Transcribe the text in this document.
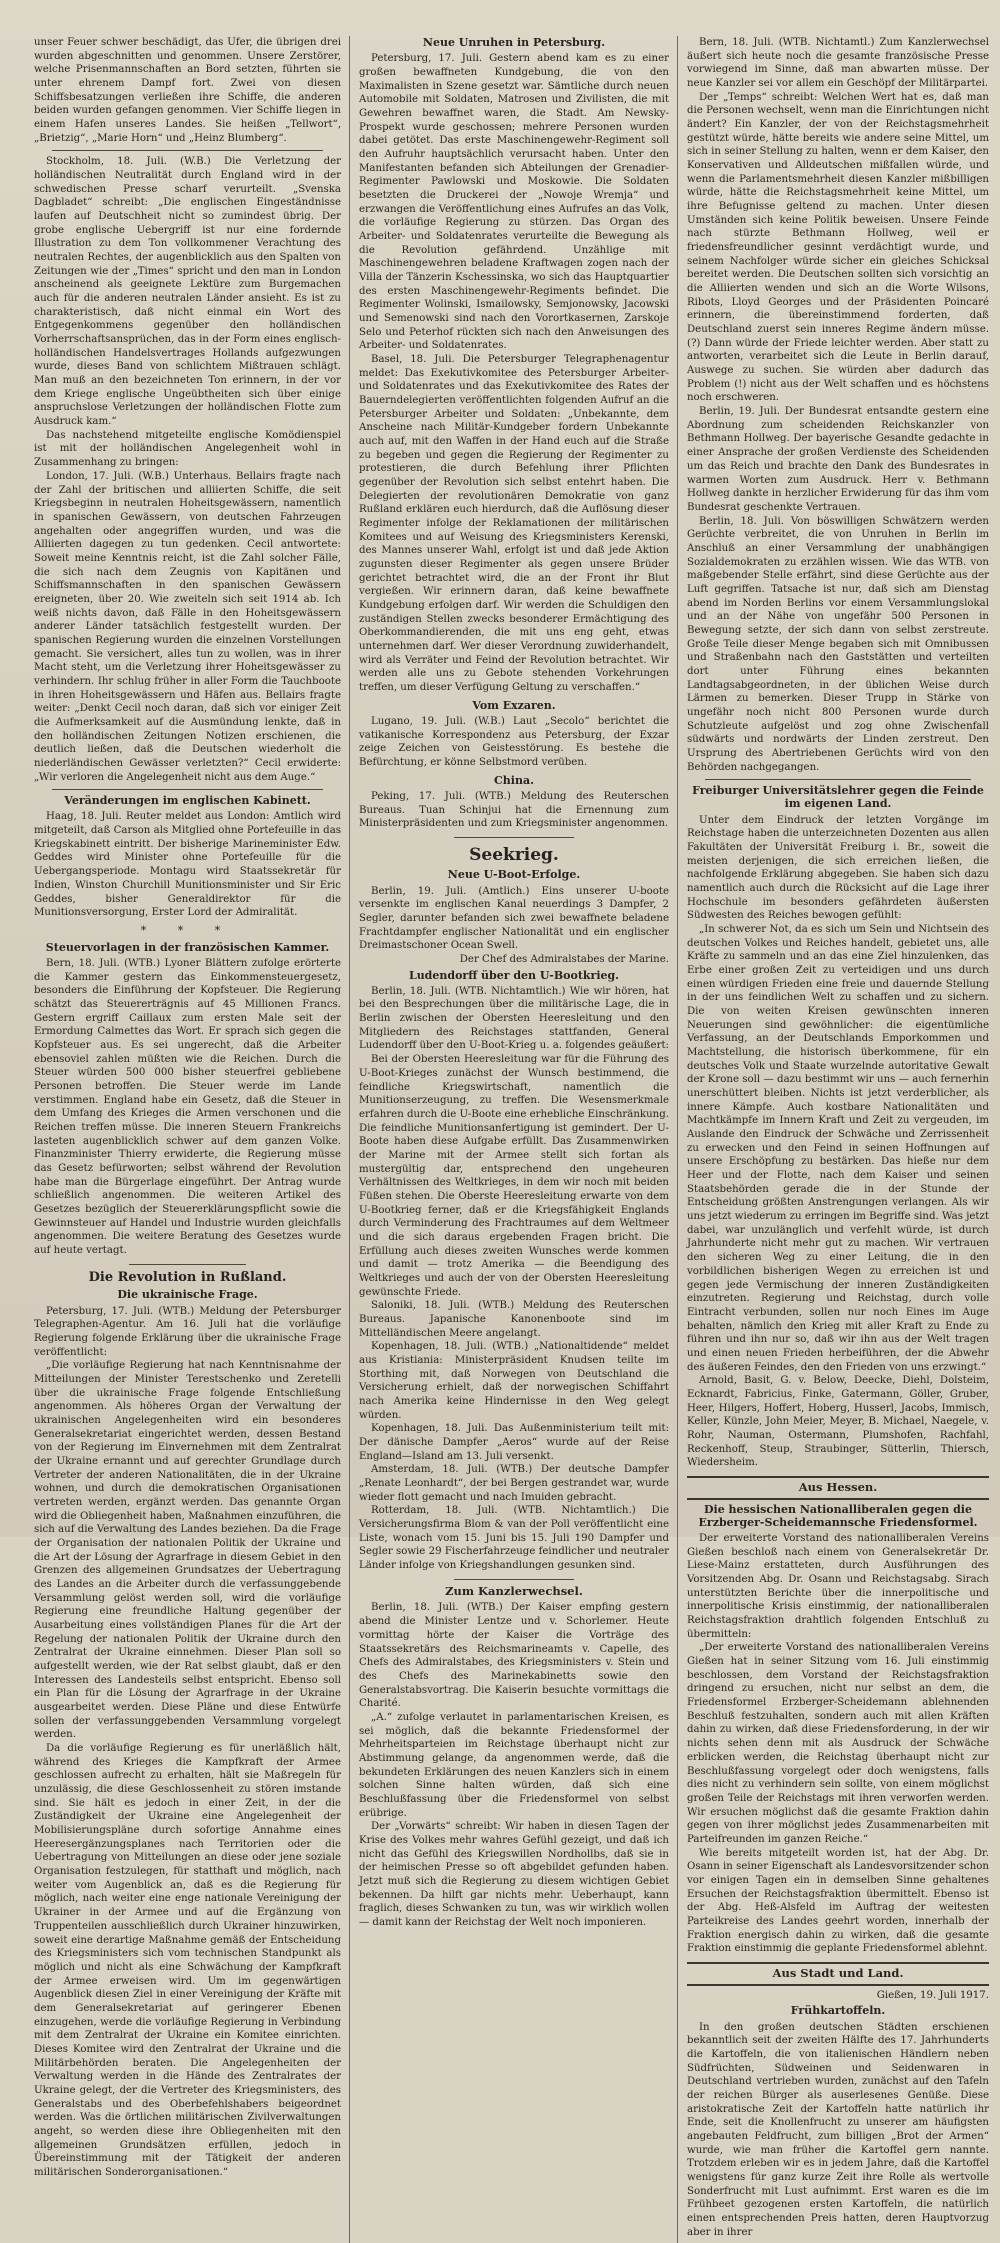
unser Feuer schwer beschädigt, das Ufer, die übrigen drei wurden abgeschnitten und genommen. Unsere Zerstörer, welche Prisenmannschaften an Bord setzten, führten sie unter ehrenem Dampf fort. Zwei von diesen Schiffsbesatzungen verließen ihre Schiffe, die anderen beiden wurden gefangen genommen. Vier Schiffe liegen in einem Hafen unseres Landes. Sie heißen „Tellwort“, „Brietzig“, „Marie Horn“ und „Heinz Blumberg“.

Stockholm, 18. Juli. (W.B.) Die Verletzung der holländischen Neutralität durch England wird in der schwedischen Presse scharf verurteilt. „Svenska Dagbladet“ schreibt: „Die englischen Eingeständnisse laufen auf Deutschheit nicht so zumindest übrig. Der grobe englische Uebergriff ist nur eine fordernde Illustration zu dem Ton vollkommener Verachtung des neutralen Rechtes, der augenblicklich aus den Spalten von Zeitungen wie der „Times“ spricht und den man in London anscheinend als geeignete Lektüre zum Burgemachen auch für die anderen neutralen Länder ansieht. Es ist zu charakteristisch, daß nicht einmal ein Wort des Entgegenkommens gegenüber den holländischen Vorherrschaftsansprüchen, das in der Form eines englisch-holländischen Handelsvertrages Hollands aufgezwungen wurde, dieses Band von schlichtem Mißtrauen schlägt. Man muß an den bezeichneten Ton erinnern, in der vor dem Kriege englische Ungeübtheiten sich über einige anspruchslose Verletzungen der holländischen Flotte zum Ausdruck kam.“

Das nachstehend mitgeteilte englische Komödienspiel ist mit der holländischen Angelegenheit wohl in Zusammenhang zu bringen:

London, 17. Juli. (W.B.) Unterhaus. Bellairs fragte nach der Zahl der britischen und alliierten Schiffe, die seit Kriegsbeginn in neutralen Hoheitsgewässern, namentlich in spanischen Gewässern, von deutschen Fahrzeugen angehalten oder angegriffen wurden, und was die Alliierten dagegen zu tun gedenken. Cecil antwortete: Soweit meine Kenntnis reicht, ist die Zahl solcher Fälle, die sich nach dem Zeugnis von Kapitänen und Schiffsmannschaften in den spanischen Gewässern ereigneten, über 20. Wie zweiteln sich seit 1914 ab. Ich weiß nichts davon, daß Fälle in den Hoheitsgewässern anderer Länder tatsächlich festgestellt wurden. Der spanischen Regierung wurden die einzelnen Vorstellungen gemacht. Sie versichert, alles tun zu wollen, was in ihrer Macht steht, um die Verletzung ihrer Hoheitsgewässer zu verhindern. Ihr schlug früher in aller Form die Tauchboote in ihren Hoheitsgewässern und Häfen aus. Bellairs fragte weiter: „Denkt Cecil noch daran, daß sich vor einiger Zeit die Aufmerksamkeit auf die Ausmündung lenkte, daß in den holländischen Zeitungen Notizen erschienen, die deutlich ließen, daß die Deutschen wiederholt die niederländischen Gewässer verletzten?“ Cecil erwiderte: „Wir verloren die Angelegenheit nicht aus dem Auge.“

Veränderungen im englischen Kabinett.

Haag, 18. Juli. Reuter meldet aus London: Amtlich wird mitgeteilt, daß Carson als Mitglied ohne Portefeuille in das Kriegskabinett eintritt. Der bisherige Marineminister Edw. Geddes wird Minister ohne Portefeuille für die Uebergangsperiode. Montagu wird Staatssekretär für Indien, Winston Churchill Munitionsminister und Sir Eric Geddes, bisher Generaldirektor für die Munitionsversorgung, Erster Lord der Admiralität.

* * *
Steuervorlagen in der französischen Kammer.

Bern, 18. Juli. (WTB.) Lyoner Blättern zufolge erörterte die Kammer gestern das Einkommensteuergesetz, besonders die Einführung der Kopfsteuer. Die Regierung schätzt das Steuererträgnis auf 45 Millionen Francs. Gestern ergriff Caillaux zum ersten Male seit der Ermordung Calmettes das Wort. Er sprach sich gegen die Kopfsteuer aus. Es sei ungerecht, daß die Arbeiter ebensoviel zahlen müßten wie die Reichen. Durch die Steuer würden 500 000 bisher steuerfrei gebliebene Personen betroffen. Die Steuer werde im Lande verstimmen. England habe ein Gesetz, daß die Steuer in dem Umfang des Krieges die Armen verschonen und die Reichen treffen müsse. Die inneren Steuern Frankreichs lasteten augenblicklich schwer auf dem ganzen Volke. Finanzminister Thierry erwiderte, die Regierung müsse das Gesetz befürworten; selbst während der Revolution habe man die Bürgerlage eingeführt. Der Antrag wurde schließlich angenommen. Die weiteren Artikel des Gesetzes bezüglich der Steuererklärungspflicht sowie die Gewinnsteuer auf Handel und Industrie wurden gleichfalls angenommen. Die weitere Beratung des Gesetzes wurde auf heute vertagt.

Die Revolution in Rußland.
Die ukrainische Frage.

Petersburg, 17. Juli. (WTB.) Meldung der Petersburger Telegraphen-Agentur. Am 16. Juli hat die vorläufige Regierung folgende Erklärung über die ukrainische Frage veröffentlicht:

„Die vorläufige Regierung hat nach Kenntnisnahme der Mitteilungen der Minister Terestschenko und Zeretelli über die ukrainische Frage folgende Entschließung angenommen. Als höheres Organ der Verwaltung der ukrainischen Angelegenheiten wird ein besonderes Generalsekretariat eingerichtet werden, dessen Bestand von der Regierung im Einvernehmen mit dem Zentralrat der Ukraine ernannt und auf gerechter Grundlage durch Vertreter der anderen Nationalitäten, die in der Ukraine wohnen, und durch die demokratischen Organisationen vertreten werden, ergänzt werden. Das genannte Organ wird die Obliegenheit haben, Maßnahmen einzuführen, die sich auf die Verwaltung des Landes beziehen. Da die Frage der Organisation der nationalen Politik der Ukraine und die Art der Lösung der Agrarfrage in diesem Gebiet in den Grenzen des allgemeinen Grundsatzes der Uebertragung des Landes an die Arbeiter durch die verfassunggebende Versammlung gelöst werden soll, wird die vorläufige Regierung eine freundliche Haltung gegenüber der Ausarbeitung eines vollständigen Planes für die Art der Regelung der nationalen Politik der Ukraine durch den Zentralrat der Ukraine einnehmen. Dieser Plan soll so aufgestellt werden, wie der Rat selbst glaubt, daß er den Interessen des Landesteils selbst entspricht. Ebenso soll ein Plan für die Lösung der Agrarfrage in der Ukraine ausgearbeitet werden. Diese Pläne und diese Entwürfe sollen der verfassunggebenden Versammlung vorgelegt werden.

Da die vorläufige Regierung es für unerläßlich hält, während des Krieges die Kampfkraft der Armee geschlossen aufrecht zu erhalten, hält sie Maßregeln für unzulässig, die diese Geschlossenheit zu stören imstande sind. Sie hält es jedoch in einer Zeit, in der die Zuständigkeit der Ukraine eine Angelegenheit der Mobilisierungspläne durch sofortige Annahme eines Heeresergänzungsplanes nach Territorien oder die Uebertragung von Mitteilungen an diese oder jene soziale Organisation festzulegen, für statthaft und möglich, nach weiter vom Augenblick an, daß es die Regierung für möglich, nach weiter eine enge nationale Vereinigung der Ukrainer in der Armee und auf die Ergänzung von Truppenteilen ausschließlich durch Ukrainer hinzuwirken, soweit eine derartige Maßnahme gemäß der Entscheidung des Kriegsministers sich vom technischen Standpunkt als möglich und nicht als eine Schwächung der Kampfkraft der Armee erweisen wird. Um im gegenwärtigen Augenblick diesen Ziel in einer Vereinigung der Kräfte mit dem Generalsekretariat auf geringerer Ebenen einzugehen, werde die vorläufige Regierung in Verbindung mit dem Zentralrat der Ukraine ein Komitee einrichten. Dieses Komitee wird den Zentralrat der Ukraine und die Militärbehörden beraten. Die Angelegenheiten der Verwaltung werden in die Hände des Zentralrates der Ukraine gelegt, der die Vertreter des Kriegsministers, des Generalstabs und des Oberbefehlshabers beigeordnet werden. Was die örtlichen militärischen Zivilverwaltungen angeht, so werden diese ihre Obliegenheiten mit den allgemeinen Grundsätzen erfüllen, jedoch in Übereinstimmung mit der Tätigkeit der anderen militärischen Sonderorganisationen.“

Neue Unruhen in Petersburg.

Petersburg, 17. Juli. Gestern abend kam es zu einer großen bewaffneten Kundgebung, die von den Maximalisten in Szene gesetzt war. Sämtliche durch neuen Automobile mit Soldaten, Matrosen und Zivilisten, die mit Gewehren bewaffnet waren, die Stadt. Am Newsky-Prospekt wurde geschossen; mehrere Personen wurden dabei getötet. Das erste Maschinengewehr-Regiment soll den Aufruhr hauptsächlich verursacht haben. Unter den Manifestanten befanden sich Abteilungen der Grenadier-Regimenter Pawlowski und Moskowie. Die Soldaten besetzten die Druckerei der „Nowoje Wremja“ und erzwangen die Veröffentlichung eines Aufrufes an das Volk, die vorläufige Regierung zu stürzen. Das Organ des Arbeiter- und Soldatenrates verurteilte die Bewegung als die Revolution gefährdend. Unzählige mit Maschinengewehren beladene Kraftwagen zogen nach der Villa der Tänzerin Kschessinska, wo sich das Hauptquartier des ersten Maschinengewehr-Regiments befindet. Die Regimenter Wolinski, Ismailowsky, Semjonowsky, Jacowski und Semenowski sind nach den Vorortkasernen, Zarskoje Selo und Peterhof rückten sich nach den Anweisungen des Arbeiter- und Soldatenrates.

Basel, 18. Juli. Die Petersburger Telegraphenagentur meldet: Das Exekutivkomitee des Petersburger Arbeiter- und Soldatenrates und das Exekutivkomitee des Rates der Bauerndelegierten veröffentlichten folgenden Aufruf an die Petersburger Arbeiter und Soldaten: „Unbekannte, dem Anscheine nach Militär-Kundgeber fordern Unbekannte auch auf, mit den Waffen in der Hand euch auf die Straße zu begeben und gegen die Regierung der Regimenter zu protestieren, die durch Befehlung ihrer Pflichten gegenüber der Revolution sich selbst entehrt haben. Die Delegierten der revolutionären Demokratie von ganz Rußland erklären euch hierdurch, daß die Auflösung dieser Regimenter infolge der Reklamationen der militärischen Komitees und auf Weisung des Kriegsministers Kerenski, des Mannes unserer Wahl, erfolgt ist und daß jede Aktion zugunsten dieser Regimenter als gegen unsere Brüder gerichtet betrachtet wird, die an der Front ihr Blut vergießen. Wir erinnern daran, daß keine bewaffnete Kundgebung erfolgen darf. Wir werden die Schuldigen den zuständigen Stellen zwecks besonderer Ermächtigung des Oberkommandierenden, die mit uns eng geht, etwas unternehmen darf. Wer dieser Verordnung zuwiderhandelt, wird als Verräter und Feind der Revolution betrachtet. Wir werden alle uns zu Gebote stehenden Vorkehrungen treffen, um dieser Verfügung Geltung zu verschaffen.“

Vom Exzaren.

Lugano, 19. Juli. (W.B.) Laut „Secolo“ berichtet die vatikanische Korrespondenz aus Petersburg, der Exzar zeige Zeichen von Geistesstörung. Es bestehe die Befürchtung, er könne Selbstmord verüben.

China.

Peking, 17. Juli. (WTB.) Meldung des Reuterschen Bureaus. Tuan Schinjui hat die Ernennung zum Ministerpräsidenten und zum Kriegsminister angenommen.

Seekrieg.
Neue U-Boot-Erfolge.

Berlin, 19. Juli. (Amtlich.) Eins unserer U-boote versenkte im englischen Kanal neuerdings 3 Dampfer, 2 Segler, darunter befanden sich zwei bewaffnete beladene Frachtdampfer englischer Nationalität und ein englischer Dreimastschoner Ocean Swell.

Der Chef des Admiralstabes der Marine.

Ludendorff über den U-Bootkrieg.

Berlin, 18. Juli. (WTB. Nichtamtlich.) Wie wir hören, hat bei den Besprechungen über die militärische Lage, die in Berlin zwischen der Obersten Heeresleitung und den Mitgliedern des Reichstages stattfanden, General Ludendorff über den U-Boot-Krieg u. a. folgendes geäußert:

Bei der Obersten Heeresleitung war für die Führung des U-Boot-Krieges zunächst der Wunsch bestimmend, die feindliche Kriegswirtschaft, namentlich die Munitionserzeugung, zu treffen. Die Wesensmerkmale erfahren durch die U-Boote eine erhebliche Einschränkung. Die feindliche Munitionsanfertigung ist gemindert. Der U-Boote haben diese Aufgabe erfüllt. Das Zusammenwirken der Marine mit der Armee stellt sich fortan als mustergültig dar, entsprechend den ungeheuren Verhältnissen des Weltkrieges, in dem wir noch mit beiden Füßen stehen. Die Oberste Heeresleitung erwarte von dem U-Bootkrieg ferner, daß er die Kriegsfähigkeit Englands durch Verminderung des Frachtraumes auf dem Weltmeer und die sich daraus ergebenden Fragen bricht. Die Erfüllung auch dieses zweiten Wunsches werde kommen und damit — trotz Amerika — die Beendigung des Weltkrieges und auch der von der Obersten Heeresleitung gewünschte Friede.

Saloniki, 18. Juli. (WTB.) Meldung des Reuterschen Bureaus. Japanische Kanonenboote sind im Mittelländischen Meere angelangt.

Kopenhagen, 18. Juli. (WTB.) „Nationaltidende“ meldet aus Kristiania: Ministerpräsident Knudsen teilte im Storthing mit, daß Norwegen von Deutschland die Versicherung erhielt, daß der norwegischen Schiffahrt nach Amerika keine Hindernisse in den Weg gelegt würden.

Kopenhagen, 18. Juli. Das Außenministerium teilt mit: Der dänische Dampfer „Aeros“ wurde auf der Reise England—Island am 13. Juli versenkt.

Amsterdam, 18. Juli. (WTB.) Der deutsche Dampfer „Renate Leonhardt“, der bei Bergen gestrandet war, wurde wieder flott gemacht und nach Imuiden gebracht.

Rotterdam, 18. Juli. (WTB. Nichtamtlich.) Die Versicherungsfirma Blom & van der Poll veröffentlicht eine Liste, wonach vom 15. Juni bis 15. Juli 190 Dampfer und Segler sowie 29 Fischerfahrzeuge feindlicher und neutraler Länder infolge von Kriegshandlungen gesunken sind.

Zum Kanzlerwechsel.

Berlin, 18. Juli. (WTB.) Der Kaiser empfing gestern abend die Minister Lentze und v. Schorlemer. Heute vormittag hörte der Kaiser die Vorträge des Staatssekretärs des Reichsmarineamts v. Capelle, des Chefs des Admiralstabes, des Kriegsministers v. Stein und des Chefs des Marinekabinetts sowie den Generalstabsvortrag. Die Kaiserin besuchte vormittags die Charité.

„A.“ zufolge verlautet in parlamentarischen Kreisen, es sei möglich, daß die bekannte Friedensformel der Mehrheitsparteien im Reichstage überhaupt nicht zur Abstimmung gelange, da angenommen werde, daß die bekundeten Erklärungen des neuen Kanzlers sich in einem solchen Sinne halten würden, daß sich eine Beschlußfassung über die Friedensformel von selbst erübrige.

Der „Vorwärts“ schreibt: Wir haben in diesen Tagen der Krise des Volkes mehr wahres Gefühl gezeigt, und daß ich nicht das Gefühl des Kriegswillen Nordhollbs, daß sie in der heimischen Presse so oft abgebildet gefunden haben. Jetzt muß sich die Regierung zu diesem wichtigen Gebiet bekennen. Da hilft gar nichts mehr. Ueberhaupt, kann fraglich, dieses Schwanken zu tun, was wir wirklich wollen — damit kann der Reichstag der Welt noch imponieren.

Bern, 18. Juli. (WTB. Nichtamtl.) Zum Kanzlerwechsel äußert sich heute noch die gesamte französische Presse vorwiegend im Sinne, daß man abwarten müsse. Der neue Kanzler sei vor allem ein Geschöpf der Militärpartei.

Der „Temps“ schreibt: Welchen Wert hat es, daß man die Personen wechselt, wenn man die Einrichtungen nicht ändert? Ein Kanzler, der von der Reichstagsmehrheit gestützt würde, hätte bereits wie andere seine Mittel, um sich in seiner Stellung zu halten, wenn er dem Kaiser, den Konservativen und Alldeutschen mißfallen würde, und wenn die Parlamentsmehrheit diesen Kanzler mißbilligen würde, hätte die Reichstagsmehrheit keine Mittel, um ihre Befugnisse geltend zu machen. Unter diesen Umständen sich keine Politik beweisen. Unsere Feinde nach stürzte Bethmann Hollweg, weil er friedensfreundlicher gesinnt verdächtigt wurde, und seinem Nachfolger würde sicher ein gleiches Schicksal bereitet werden. Die Deutschen sollten sich vorsichtig an die Alliierten wenden und sich an die Worte Wilsons, Ribots, Lloyd Georges und der Präsidenten Poincaré erinnern, die übereinstimmend forderten, daß Deutschland zuerst sein inneres Regime ändern müsse. (?) Dann würde der Friede leichter werden. Aber statt zu antworten, verarbeitet sich die Leute in Berlin darauf, Auswege zu suchen. Sie würden aber dadurch das Problem (!) nicht aus der Welt schaffen und es höchstens noch erschweren.

Berlin, 19. Juli. Der Bundesrat entsandte gestern eine Abordnung zum scheidenden Reichskanzler von Bethmann Hollweg. Der bayerische Gesandte gedachte in einer Ansprache der großen Verdienste des Scheidenden um das Reich und brachte den Dank des Bundesrates in warmen Worten zum Ausdruck. Herr v. Bethmann Hollweg dankte in herzlicher Erwiderung für das ihm vom Bundesrat geschenkte Vertrauen.

Berlin, 18. Juli. Von böswilligen Schwätzern werden Gerüchte verbreitet, die von Unruhen in Berlin im Anschluß an einer Versammlung der unabhängigen Sozialdemokraten zu erzählen wissen. Wie das WTB. von maßgebender Stelle erfährt, sind diese Gerüchte aus der Luft gegriffen. Tatsache ist nur, daß sich am Dienstag abend im Norden Berlins vor einem Versammlungslokal und an der Nähe von ungefähr 500 Personen in Bewegung setzte, der sich dann von selbst zerstreute. Große Teile dieser Menge begaben sich mit Omnibussen und Straßenbahn nach den Gaststätten und verteilten dort unter Führung eines bekannten Landtagsabgeordneten, in der üblichen Weise durch Lärmen zu bemerken. Dieser Trupp in Stärke von ungefähr noch nicht 800 Personen wurde durch Schutzleute aufgelöst und zog ohne Zwischenfall südwärts und nordwärts der Linden zerstreut. Den Ursprung des Abertriebenen Gerüchts wird von den Behörden nachgegangen.

Freiburger Universitätslehrer gegen die Feinde im eigenen Land.

Unter dem Eindruck der letzten Vorgänge im Reichstage haben die unterzeichneten Dozenten aus allen Fakultäten der Universität Freiburg i. Br., soweit die meisten derjenigen, die sich erreichen ließen, die nachfolgende Erklärung abgegeben. Sie haben sich dazu namentlich auch durch die Rücksicht auf die Lage ihrer Hochschule im besonders gefährdeten äußersten Südwesten des Reiches bewogen gefühlt:

„In schwerer Not, da es sich um Sein und Nichtsein des deutschen Volkes und Reiches handelt, gebietet uns, alle Kräfte zu sammeln und an das eine Ziel hinzulenken, das Erbe einer großen Zeit zu verteidigen und uns durch einen würdigen Frieden eine freie und dauernde Stellung in der uns feindlichen Welt zu schaffen und zu sichern. Die von weiten Kreisen gewünschten inneren Neuerungen sind gewöhnlicher: die eigentümliche Verfassung, an der Deutschlands Emporkommen und Machtstellung, die historisch überkommene, für ein deutsches Volk und Staate wurzelnde autoritative Gewalt der Krone soll — dazu bestimmt wir uns — auch fernerhin unerschüttert bleiben. Nichts ist jetzt verderblicher, als innere Kämpfe. Auch kostbare Nationalitäten und Machtkämpfe im Innern Kraft und Zeit zu vergeuden, im Auslande den Eindruck der Schwäche und Zerrissenheit zu erwecken und den Feind in seinen Hoffnungen auf unsere Erschöpfung zu bestärken. Das hieße nur dem Heer und der Flotte, nach dem Kaiser und seinen Staatsbehörden gerade die in der Stunde der Entscheidung größten Anstrengungen verlangen. Als wir uns jetzt wiederum zu erringen im Begriffe sind. Was jetzt dabei, war unzulänglich und verfehlt würde, ist durch Jahrhunderte nicht mehr gut zu machen. Wir vertrauen den sicheren Weg zu einer Leitung, die in den vorbildlichen bisherigen Wegen zu erreichen ist und gegen jede Vermischung der inneren Zuständigkeiten einzutreten. Regierung und Reichstag, durch volle Eintracht verbunden, sollen nur noch Eines im Auge behalten, nämlich den Krieg mit aller Kraft zu Ende zu führen und ihn nur so, daß wir ihn aus der Welt tragen und einen neuen Frieden herbeiführen, der die Abwehr des äußeren Feindes, den den Frieden von uns erzwingt.“

Arnold, Basit, G. v. Below, Deecke, Diehl, Dolsteim, Ecknardt, Fabricius, Finke, Gatermann, Göller, Gruber, Heer, Hilgers, Hoffert, Hoberg, Husserl, Jacobs, Immisch, Keller, Künzle, John Meier, Meyer, B. Michael, Naegele, v. Rohr, Nauman, Ostermann, Plumshofen, Rachfahl, Reckenhoff, Steup, Straubinger, Sütterlin, Thiersch, Wiedersheim.

Aus Hessen.
Die hessischen Nationalliberalen gegen die Erzberger-Scheidemannsche Friedensformel.

Der erweiterte Vorstand des nationalliberalen Vereins Gießen beschloß nach einem von Generalsekretär Dr. Liese-Mainz erstatteten, durch Ausführungen des Vorsitzenden Abg. Dr. Osann und Reichstagsabg. Sirach unterstützten Berichte über die innerpolitische und innerpolitische Krisis einstimmig, der nationalliberalen Reichstagsfraktion drahtlich folgenden Entschluß zu übermitteln:

„Der erweiterte Vorstand des nationalliberalen Vereins Gießen hat in seiner Sitzung vom 16. Juli einstimmig beschlossen, dem Vorstand der Reichstagsfraktion dringend zu ersuchen, nicht nur selbst an dem, die Friedensformel Erzberger-Scheidemann ablehnenden Beschluß festzuhalten, sondern auch mit allen Kräften dahin zu wirken, daß diese Friedensforderung, in der wir nichts sehen denn mit als Ausdruck der Schwäche erblicken werden, die Reichstag überhaupt nicht zur Beschlußfassung vorgelegt oder doch wenigstens, falls dies nicht zu verhindern sein sollte, von einem möglichst großen Teile der Reichstags mit ihren verworfen werden. Wir ersuchen möglichst daß die gesamte Fraktion dahin gegen von ihrer möglichst jedes Zusammenarbeiten mit Parteifreunden im ganzen Reiche.“

Wie bereits mitgeteilt worden ist, hat der Abg. Dr. Osann in seiner Eigenschaft als Landesvorsitzender schon vor einigen Tagen ein in demselben Sinne gehaltenes Ersuchen der Reichstagsfraktion übermittelt. Ebenso ist der Abg. Heß-Alsfeld im Auftrag der weitesten Parteikreise des Landes geehrt worden, innerhalb der Fraktion energisch dahin zu wirken, daß die gesamte Fraktion einstimmig die geplante Friedensformel ablehnt.

Aus Stadt und Land.

Gießen, 19. Juli 1917.

Frühkartoffeln.

In den großen deutschen Städten erschienen bekanntlich seit der zweiten Hälfte des 17. Jahrhunderts die Kartoffeln, die von italienischen Händlern neben Südfrüchten, Südweinen und Seidenwaren in Deutschland vertrieben wurden, zunächst auf den Tafeln der reichen Bürger als auserlesenes Genüße. Diese aristokratische Zeit der Kartoffeln hatte natürlich ihr Ende, seit die Knollenfrucht zu unserer am häufigsten angebauten Feldfrucht, zum billigen „Brot der Armen“ wurde, wie man früher die Kartoffel gern nannte. Trotzdem erleben wir es in jedem Jahre, daß die Kartoffel wenigstens für ganz kurze Zeit ihre Rolle als wertvolle Sonderfrucht mit Lust aufnimmt. Erst waren es die im Frühbeet gezogenen ersten Kartoffeln, die natürlich einen entsprechenden Preis hatten, deren Hauptvorzug aber in ihrer
